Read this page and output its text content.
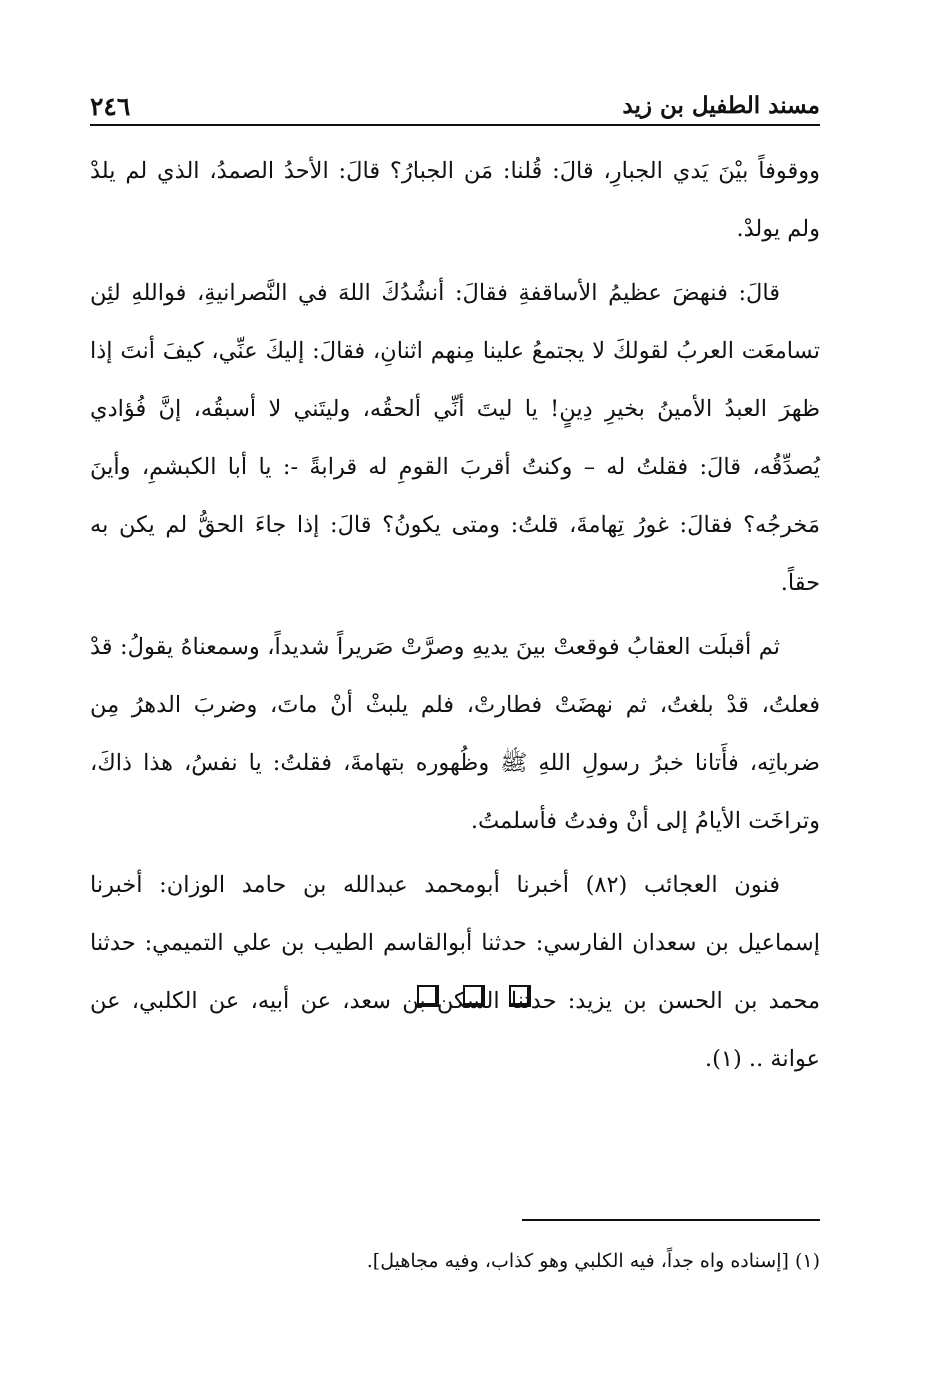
مسند الطفيل بن زيد
٢٤٦

ووقوفاً بيْنَ يَدي الجبارِ، قالَ: قُلنا: مَن الجبارُ؟ قالَ: الأحدُ الصمدُ، الذي لم يلدْ ولم يولدْ.

قالَ: فنهضَ عظيمُ الأساقفةِ فقالَ: أنشُدُكَ اللهَ في النَّصرانيةِ، فواللهِ لئِن تسامعَت العربُ لقولكَ لا يجتمعُ علينا مِنهم اثنانِ، فقالَ: إليكَ عنِّي، كيفَ أنتَ إذا ظهرَ العبدُ الأمينُ بخيرِ دِينٍ! يا ليتَ أنِّي ألحقُه، وليتَني لا أسبقُه، إنَّ فُؤادي يُصدِّقُه، قالَ: فقلتُ له – وكنتُ أقربَ القومِ له قرابةً -: يا أبا الكبشمِ، وأينَ مَخرجُه؟ فقالَ: غورُ تِهامةَ، قلتُ: ومتى يكونُ؟ قالَ: إذا جاءَ الحقُّ لم يكن به حقاً.

ثم أقبلَت العقابُ فوقعتْ بينَ يديهِ وصرَّتْ صَريراً شديداً، وسمعناهُ يقولُ: قدْ فعلتُ، قدْ بلغتُ، ثم نهضَتْ فطارتْ، فلم يلبثْ أنْ ماتَ، وضربَ الدهرُ مِن ضرباتِه، فأَتانا خبرُ رسولِ اللهِ ﷺ وظُهوره بتهامةَ، فقلتُ: يا نفسُ، هذا ذاكَ، وتراخَت الأيامُ إلى أنْ وفدتُ فأسلمتُ.

فنون العجائب (٨٢) أخبرنا أبومحمد عبدالله بن حامد الوزان: أخبرنا إسماعيل بن سعدان الفارسي: حدثنا أبوالقاسم الطيب بن علي التميمي: حدثنا محمد بن الحسن بن يزيد: حدثنا السكن بن سعد، عن أبيه، عن الكلبي، عن عوانة .. (١).

(١) [إسناده واه جداً، فيه الكلبي وهو كذاب، وفيه مجاهيل].
